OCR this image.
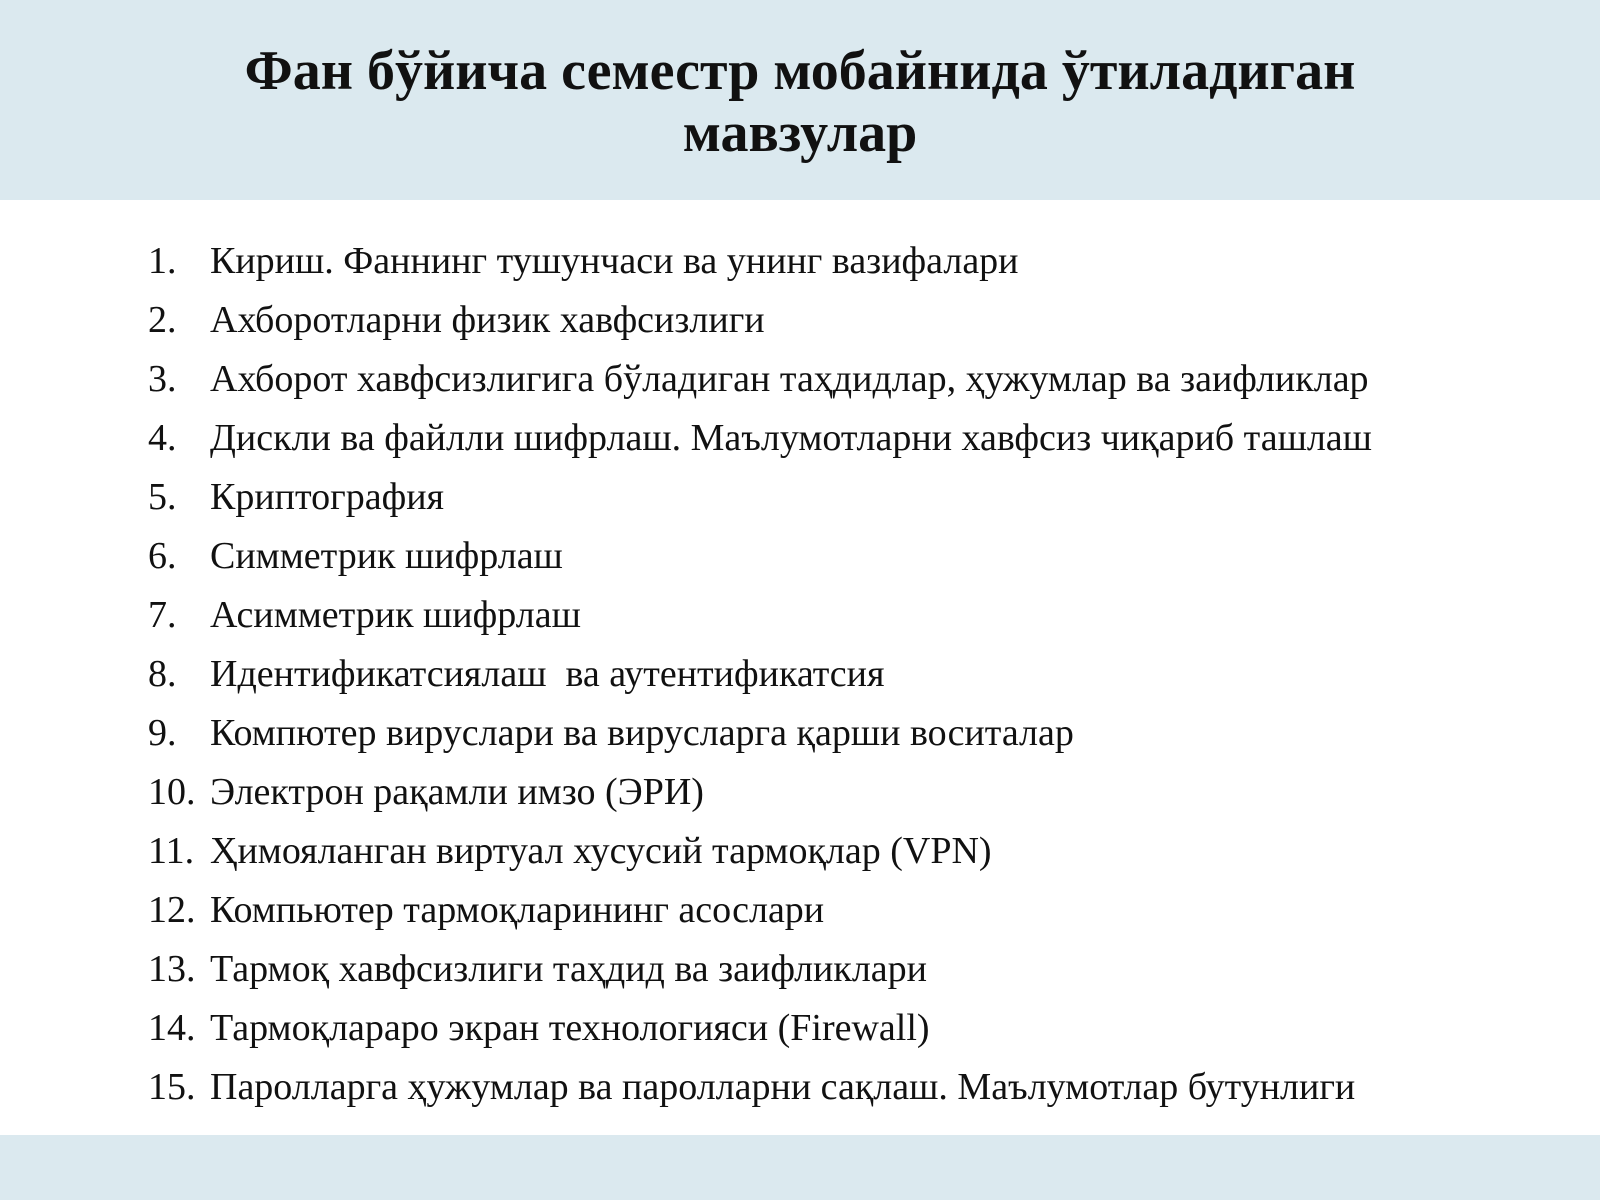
Фан бўйича семестр мобайнида ўтиладиган мавзулар
1. Кириш. Фаннинг тушунчаси ва унинг вазифалари
2. Ахборотларни физик хавфсизлиги
3. Ахборот хавфсизлигига бўладиган таҳдидлар, ҳужумлар ва заифликлар
4. Дискли ва файлли шифрлаш. Маълумотларни хавфсиз чиқариб ташлаш
5. Криптография
6. Симметрик шифрлаш
7. Асимметрик шифрлаш
8. Идентификатсиялаш  ва аутентификатсия
9. Компютер вируслари ва вирусларга қарши воситалар
10. Электрон рақамли имзо (ЭРИ)
11. Ҳимояланган виртуал хусусий тармоқлар (VPN)
12. Компьютер тармоқларининг асослари
13. Тармоқ хавфсизлиги таҳдид ва заифликлари
14. Тармоқлараро экран технологияси (Firewall)
15. Паролларга ҳужумлар ва паролларни сақлаш. Маълумотлар бутунлиги
